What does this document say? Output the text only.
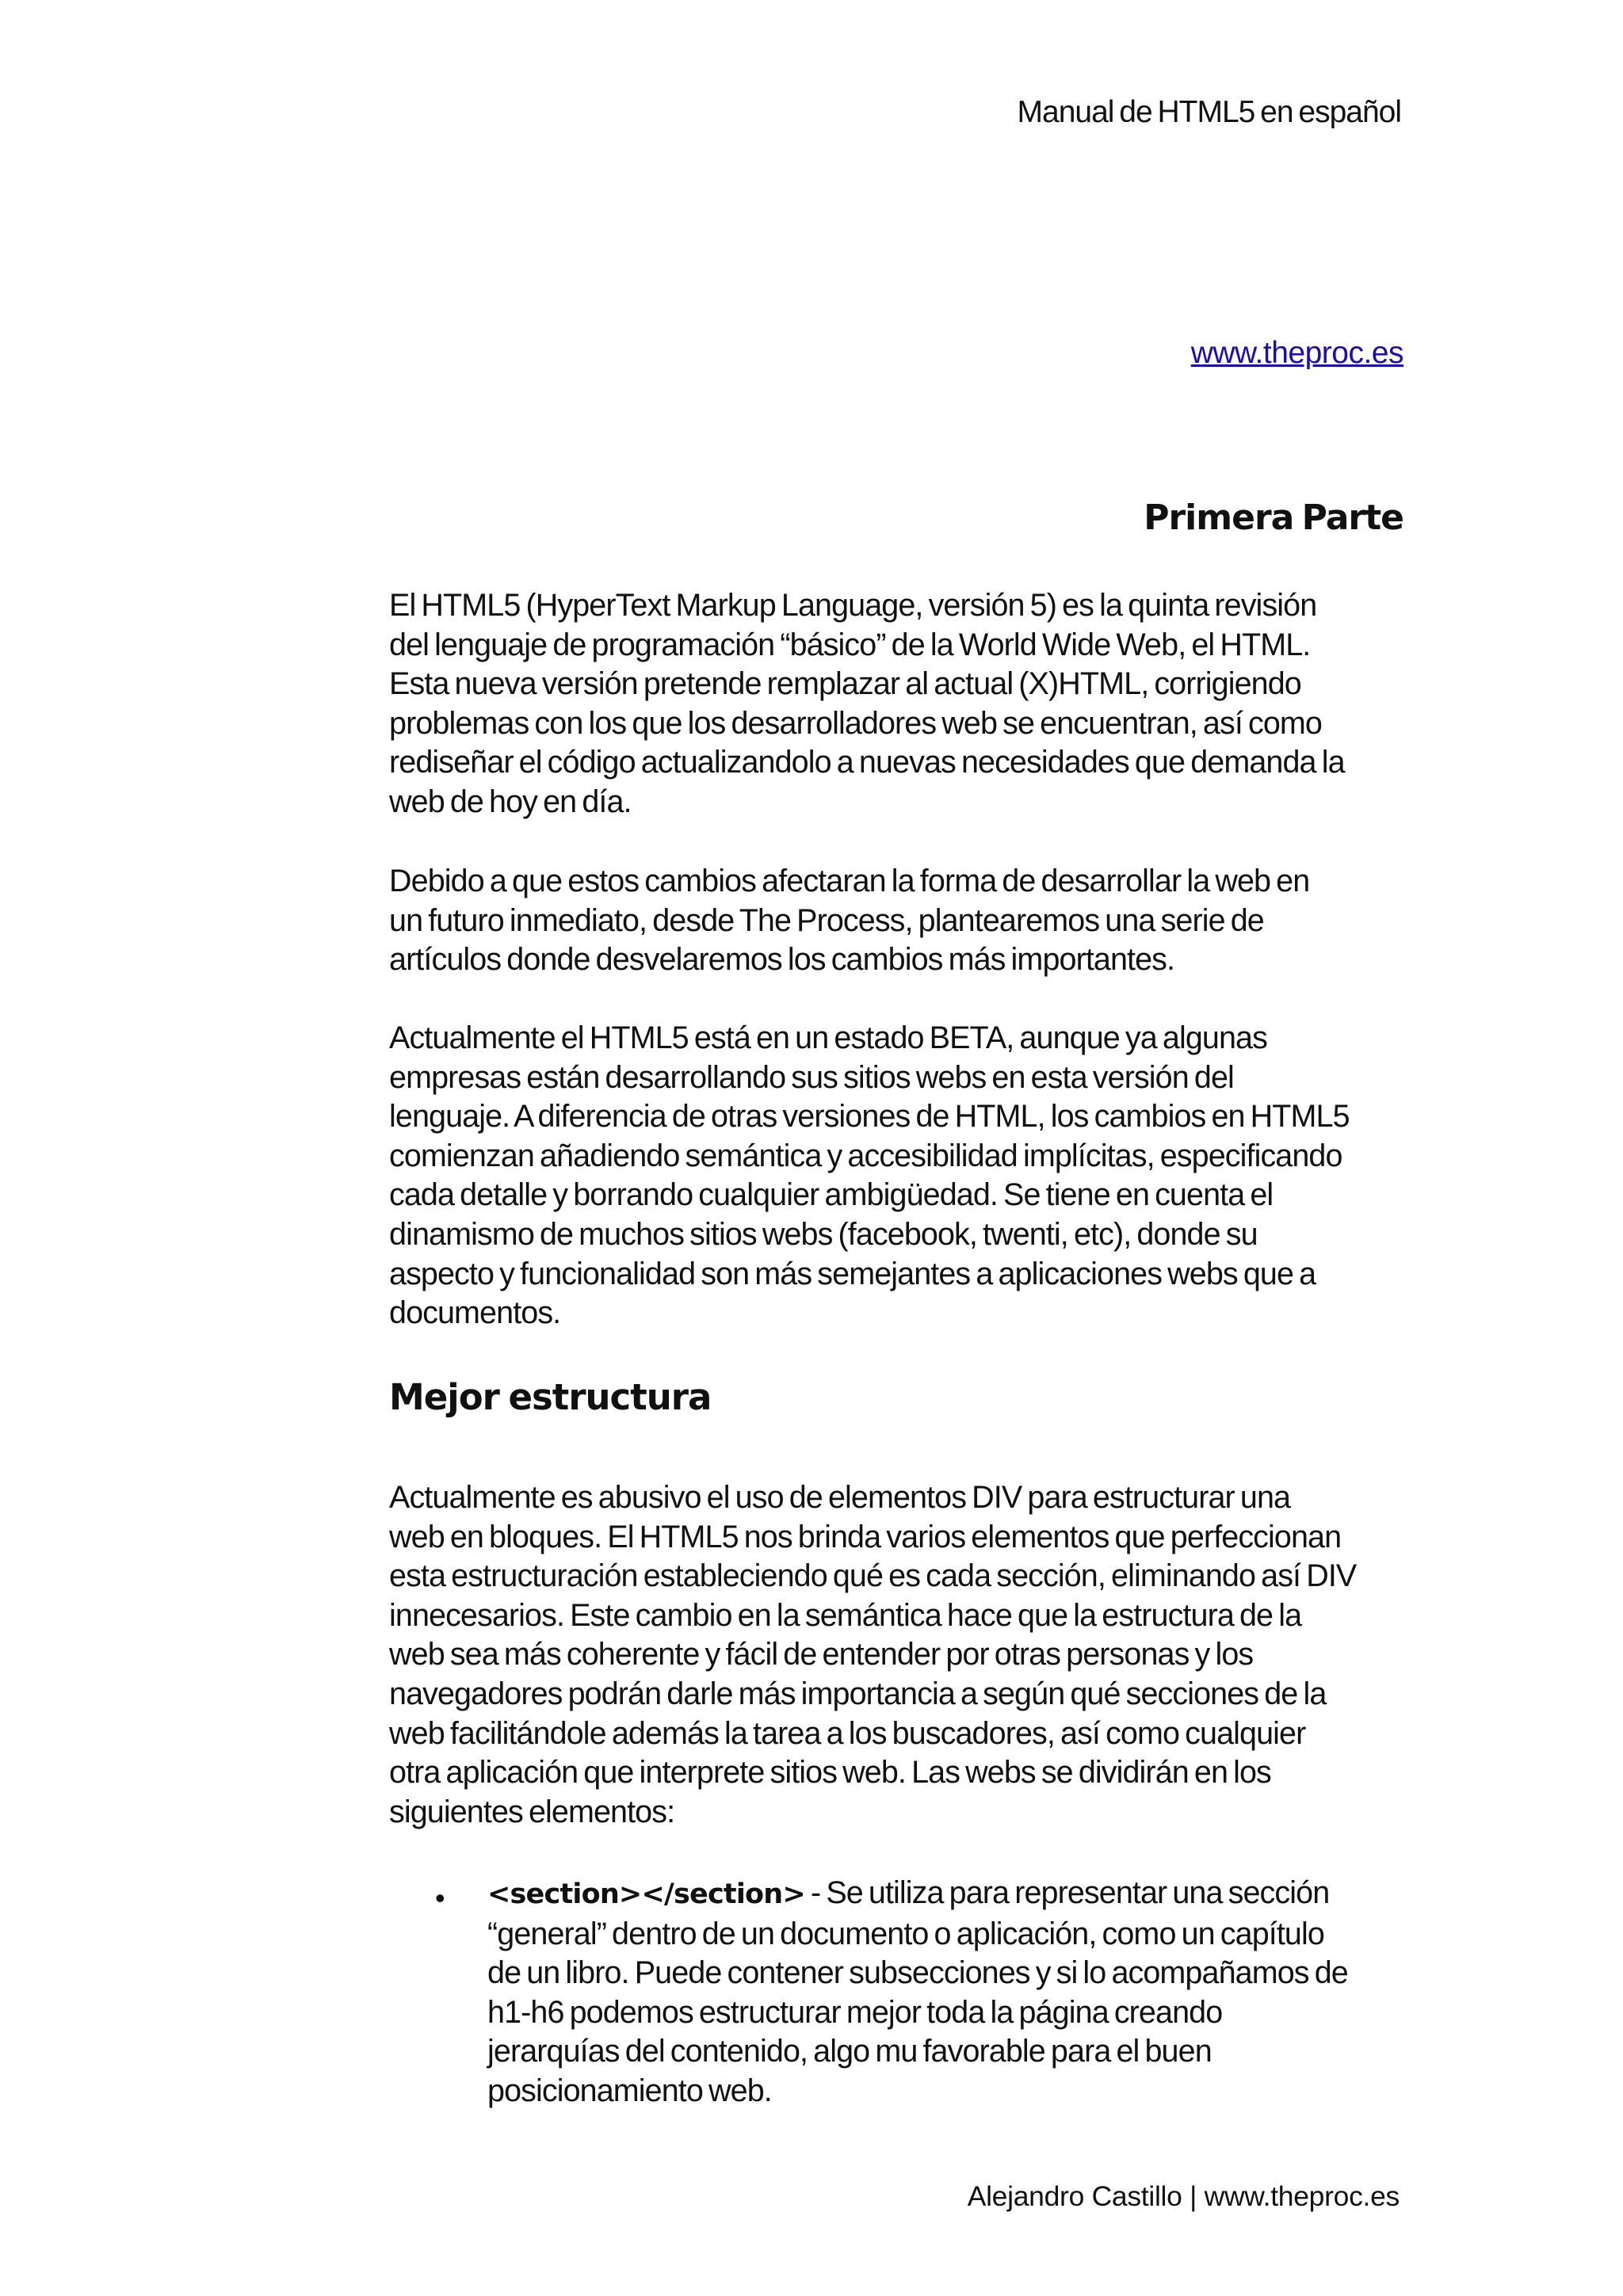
Manual de HTML5 en español
www.theproc.es
Primera Parte
El HTML5 (HyperText Markup Language, versión 5) es la quinta revisión
del lenguaje de programación “básico” de la World Wide Web, el HTML.
Esta nueva versión pretende remplazar al actual (X)HTML, corrigiendo
problemas con los que los desarrolladores web se encuentran, así como
rediseñar el código actualizandolo a nuevas necesidades que demanda la
web de hoy en día.
Debido a que estos cambios afectaran la forma de desarrollar la web en
un futuro inmediato, desde The Process, plantearemos una serie de
artículos donde desvelaremos los cambios más importantes.
Actualmente el HTML5 está en un estado BETA, aunque ya algunas
empresas están desarrollando sus sitios webs en esta versión del
lenguaje. A diferencia de otras versiones de HTML, los cambios en HTML5
comienzan añadiendo semántica y accesibilidad implícitas, especificando
cada detalle y borrando cualquier ambigüedad. Se tiene en cuenta el
dinamismo de muchos sitios webs (facebook, twenti, etc), donde su
aspecto y funcionalidad son más semejantes a aplicaciones webs que a
documentos.
Mejor estructura
Actualmente es abusivo el uso de elementos DIV para estructurar una
web en bloques. El HTML5 nos brinda varios elementos que perfeccionan
esta estructuración estableciendo qué es cada sección, eliminando así DIV
innecesarios. Este cambio en la semántica hace que la estructura de la
web sea más coherente y fácil de entender por otras personas y los
navegadores podrán darle más importancia a según qué secciones de la
web facilitándole además la tarea a los buscadores, así como cualquier
otra aplicación que interprete sitios web. Las webs se dividirán en los
siguientes elementos:
• <section></section> - Se utiliza para representar una sección
“general” dentro de un documento o aplicación, como un capítulo
de un libro. Puede contener subsecciones y si lo acompañamos de
h1-h6 podemos estructurar mejor toda la página creando
jerarquías del contenido, algo mu favorable para el buen
posicionamiento web.
Alejandro Castillo | www.theproc.es
